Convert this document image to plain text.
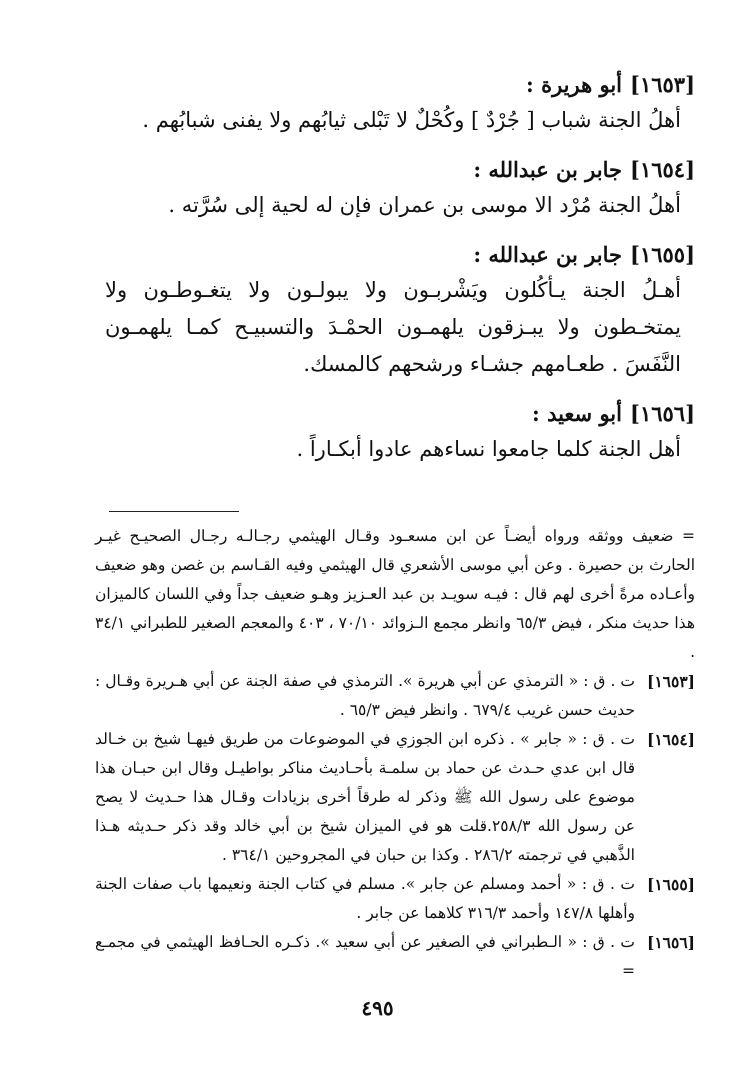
[١٦٥٣]
أبو هريرة :

أهلُ الجنة شباب [ جُرْدٌ ] وكُحْلٌ لا تَبْلى ثيابُهم ولا يفنى شبابُهم .

[١٦٥٤]
جابر بن عبدالله :

أهلُ الجنة مُرْد الا موسى بن عمران فإن له لحية إلى سُرَّته .

[١٦٥٥]
جابر بن عبدالله :

أهـلُ الجنة يـأكُلون ويَشْربـون ولا يبولـون ولا يتغـوطـون ولا يمتخـطون ولا يبـزقون يلهمـون الحمْـدَ والتسبيـح كمـا يلهمـون النَّفَسَ . طعـامهم جشـاء ورشحهم كالمسك.

[١٦٥٦]
أبو سعيد :

أهل الجنة كلما جامعوا نساءهم عادوا أبكـاراً .

= ضعيف ووثقه ورواه أيضـاً عن ابن مسعـود وقـال الهيثمي رجـالـه رجـال الصحيـح غيـر الحارث بن حصيرة . وعن أبي موسى الأشعري قال الهيثمي وفيه القـاسم بن غصن وهو ضعيف وأعـاده مرةً أخرى لهم قال : فيـه سويـد بن عبد العـزيز وهـو ضعيف جداً وفي اللسان كالميزان هذا حديث منكر ، فيض ٦٥/٣ وانظر مجمع الـزوائد ٧٠/١٠ ، ٤٠٣ والمعجم الصغير للطبراني ٣٤/١ .

[١٦٥٣]

ت . ق : « الترمذي عن أبي هريرة ». الترمذي في صفة الجنة عن أبي هـريرة وقـال : حديث حسن غريب ٦٧٩/٤ . وانظر فيض ٦٥/٣ .

[١٦٥٤]

ت . ق : « جابر » . ذكره ابن الجوزي في الموضوعات من طريق فيهـا شيخ بن خـالد قال ابن عدي حـدث عن حماد بن سلمـة بأحـاديث مناكر بواطيـل وقال ابن حبـان هذا موضوع على رسول الله ﷺ وذكر له طرقاً أخرى بزيادات وقـال هذا حـديث لا يصح عن رسول الله ٢٥٨/٣.قلت هو في الميزان شيخ بن أبي خالد وقد ذكر حـديثه هـذا الذَّهبي في ترجمته ٢٨٦/٢ . وكذا بن حبان في المجروحين ٣٦٤/١ .

[١٦٥٥]

ت . ق : « أحمد ومسلم عن جابر ». مسلم في كتاب الجنة ونعيمها باب صفات الجنة وأهلها ١٤٧/٨ وأحمد ٣١٦/٣ كلاهما عن جابر .

[١٦٥٦]

ت . ق : « الـطبراني في الصغير عن أبي سعيد ». ذكـره الحـافظ الهيثمي في مجمـع =

٤٩٥
